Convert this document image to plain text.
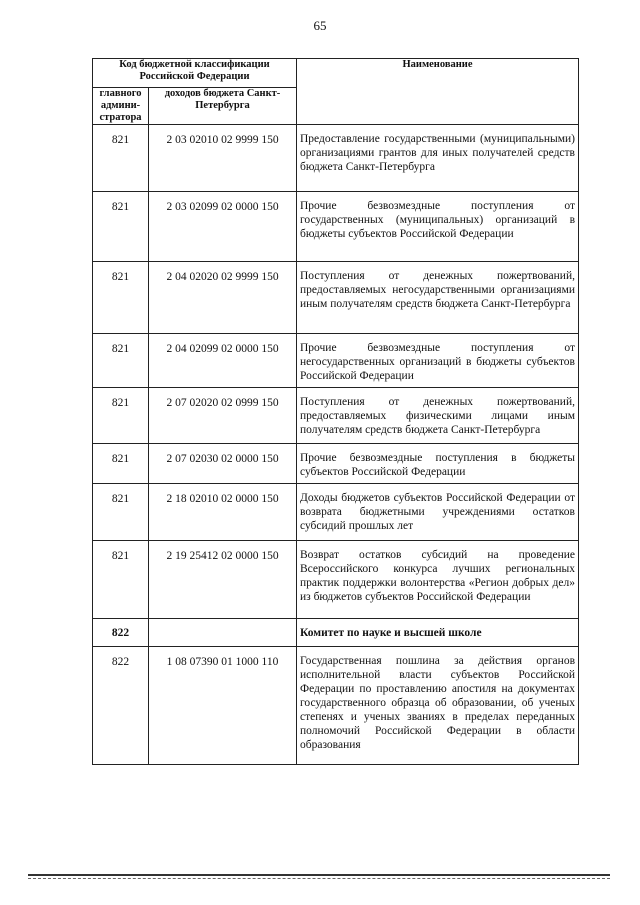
65
Код бюджетной классификации Российской Федерации		Наименование
главного админи-стратора	доходов бюджета Санкт-Петербурга	
821	2 03 02010 02 9999 150	Предоставление государственными (муниципальными) организациями грантов для иных получателей средств бюджета Санкт-Петербурга
821	2 03 02099 02 0000 150	Прочие безвозмездные поступления от государственных (муниципальных) организаций в бюджеты субъектов Российской Федерации
821	2 04 02020 02 9999 150	Поступления от денежных пожертвований, предоставляемых негосударственными организациями иным получателям средств бюджета Санкт-Петербурга
821	2 04 02099 02 0000 150	Прочие безвозмездные поступления от негосударственных организаций в бюджеты субъектов Российской Федерации
821	2 07 02020 02 0999 150	Поступления от денежных пожертвований, предоставляемых физическими лицами иным получателям средств бюджета Санкт-Петербурга
821	2 07 02030 02 0000 150	Прочие безвозмездные поступления в бюджеты субъектов Российской Федерации
821	2 18 02010 02 0000 150	Доходы бюджетов субъектов Российской Федерации от возврата бюджетными учреждениями остатков субсидий прошлых лет
821	2 19 25412 02 0000 150	Возврат остатков субсидий на проведение Всероссийского конкурса лучших региональных практик поддержки волонтерства «Регион добрых дел» из бюджетов субъектов Российской Федерации
822		Комитет по науке и высшей школе
822	1 08 07390 01 1000 110	Государственная пошлина за действия органов исполнительной власти субъектов Российской Федерации по проставлению апостиля на документах государственного образца об образовании, об ученых степенях и ученых званиях в пределах переданных полномочий Российской Федерации в области образования
